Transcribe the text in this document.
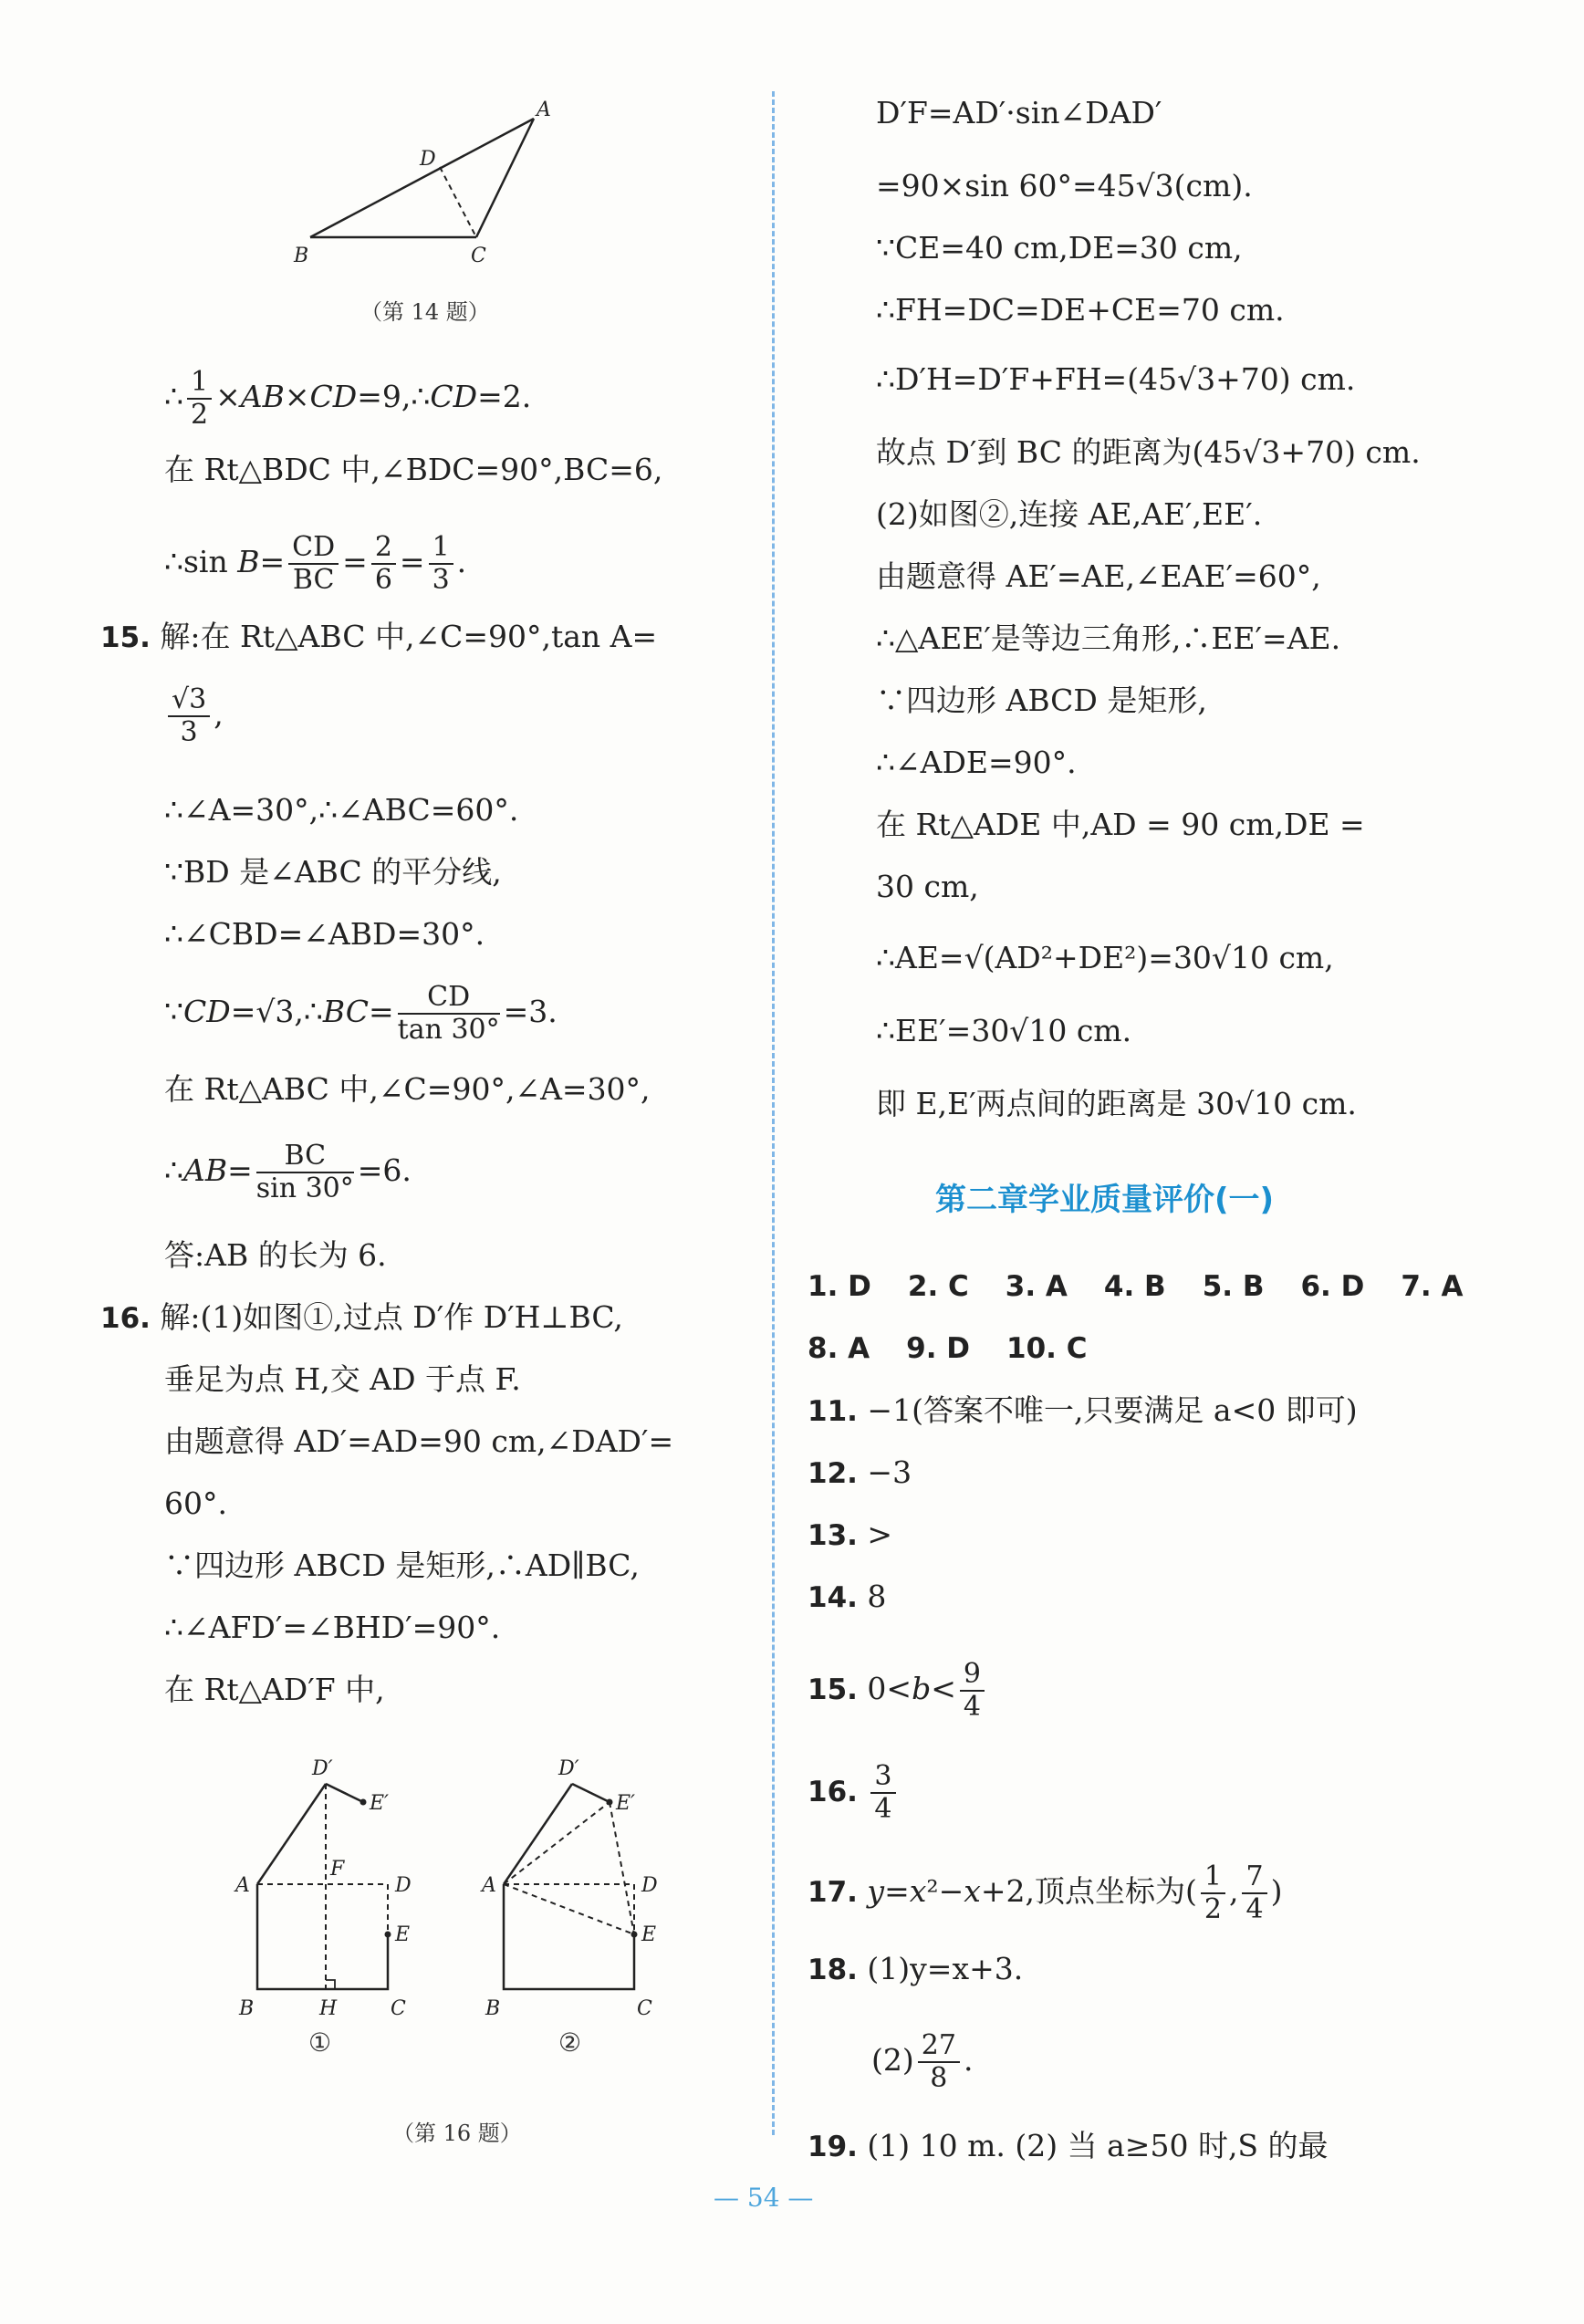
A
B	C
D
（第 14 题）
∴ $\frac{1}{2}$ ×AB×CD=9,∴CD=2.
在 Rt△BDC 中,∠BDC=90°,BC=6,
∴sin $B= \frac{CD}{BC} = \frac{2}{6} = \frac{1}{3}$ .
15. 解:在 Rt△ABC 中,∠C=90°,tan A=
$\frac{√3}{3}$ ,
∴∠A=30°,∴∠ABC=60°.
∵BD 是∠ABC 的平分线,
∴∠CBD=∠ABD=30°.
∵CD=√3,∴BC= $\frac{CD}{\tan 30^\circ} =3$.
在 Rt△ABC 中,∠C=90°,∠A=30°,
∴AB= $\frac{BC}{\sin 30^\circ} =6$.
答:AB 的长为 6.
16. 解:(1)如图①,过点 D′作 D′H⊥BC,
垂足为点 H,交 AD 于点 F.
由题意得 AD′=AD=90 cm,∠DAD′=
60°.
∵四边形 ABCD 是矩形,∴AD∥BC,
∴∠AFD′=∠BHD′=90°.
在 Rt△AD′F 中,
D′
E′
A	D
F
E
B	H	C
①
D′
E′
A	D
E
B	C
②
（第 16 题）
D′F=AD′·sin∠DAD′
=90×sin 60°=45√3(cm).
∵CE=40 cm,DE=30 cm,
∴FH=DC=DE+CE=70 cm.
∴D′H=D′F+FH=(45√3+70) cm.
故点 D′到 BC 的距离为(45√3+70) cm.
(2)如图②,连接 AE,AE′,EE′.
由题意得 AE′=AE,∠EAE′=60°,
∴△AEE′是等边三角形,∴EE′=AE.
∵四边形 ABCD 是矩形,
∴∠ADE=90°.
在 Rt△ADE 中,AD = 90 cm,DE =
30 cm,
∴AE=√(AD²+DE²)=30√10 cm,
∴EE′=30√10 cm.
即 E,E′两点间的距离是 30√10 cm.
第二章学业质量评价(一)
1. D 2. C 3. A 4. B 5. B 6. D 7. A
8. A 9. D 10. C
11. −1(答案不唯一,只要满足 a<0 即可)
12. −3
13. >
14. 8
15. $0<b< \frac{9}{4}$
16. $\frac{3}{4}$
17. y=x²−x+2,顶点坐标为( $\frac{1}{2}$ , $\frac{7}{4}$ )
18. (1)y=x+3.
$(2) \frac{27}{8}$ .
19. (1) 10 m. (2) 当 a≥50 时,S 的最
— 54 —
